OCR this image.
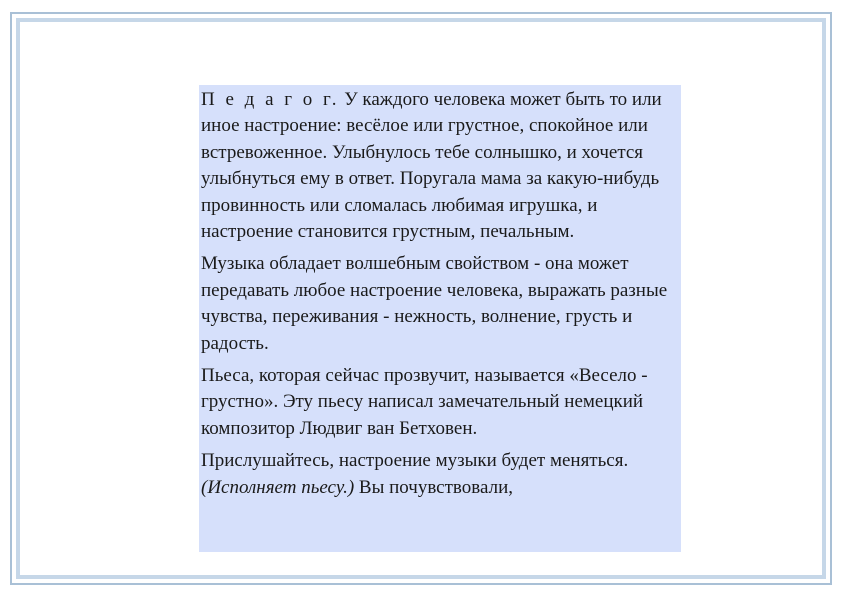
П е д а г о г. У каждого человека может быть то или иное настроение: весёлое или грустное, спокойное или встревоженное. Улыбнулось тебе солнышко, и хочется улыбнуться ему в ответ. Поругала мама за какую-нибудь провинность или сломалась любимая игрушка, и настроение становится грустным, печальным.

Музыка обладает волшебным свойством - она может передавать любое настроение человека, выражать разные чувства, переживания - нежность, волнение, грусть и радость.

Пьеса, которая сейчас прозвучит, называется «Весело - грустно». Эту пьесу написал замечательный немецкий композитор Людвиг ван Бетховен.

Прислушайтесь, настроение музыки будет меняться. (Исполняет пьесу.) Вы почувствовали,
